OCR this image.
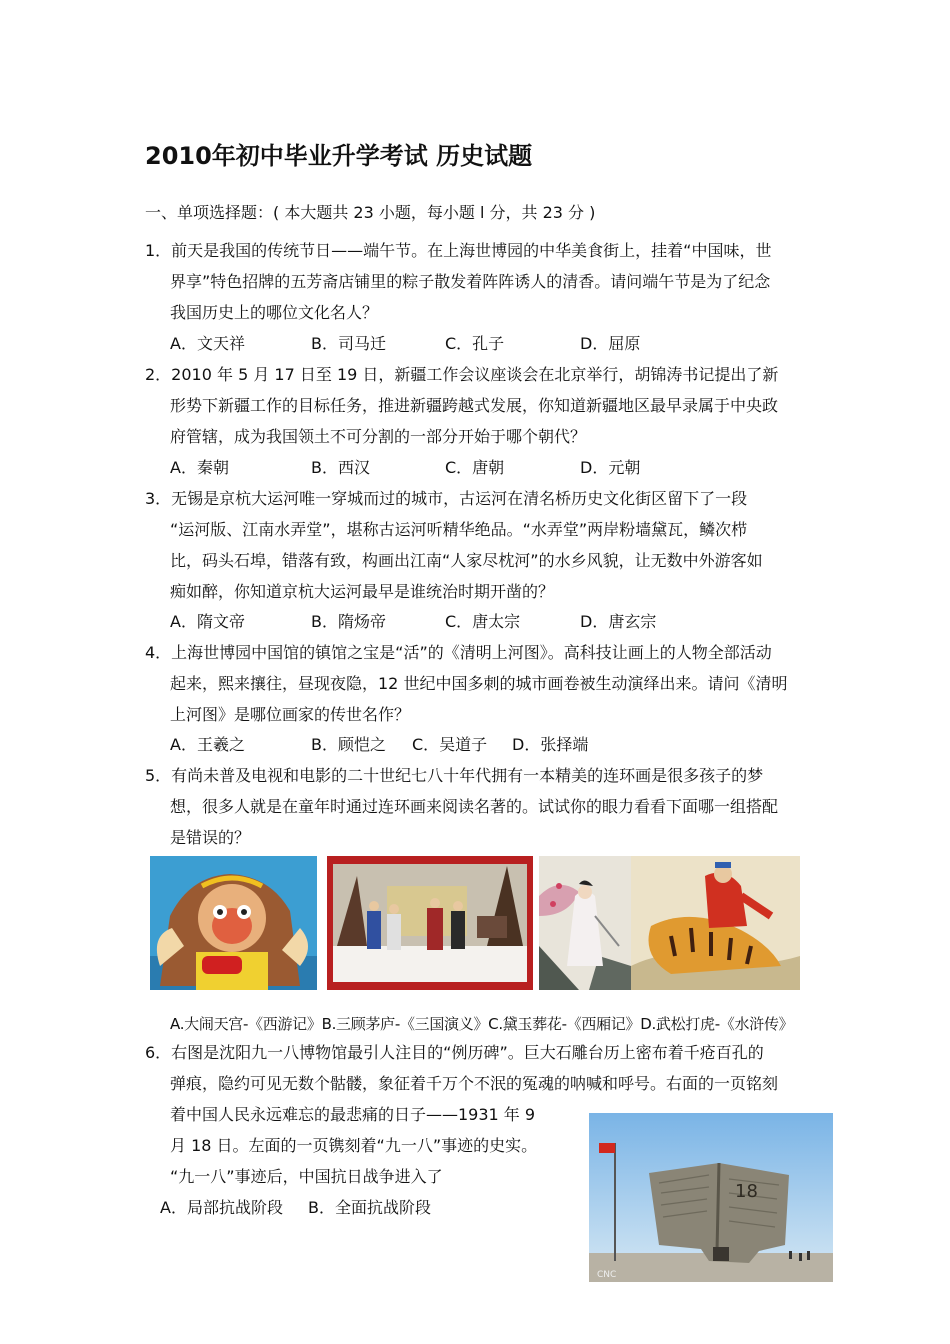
2010年初中毕业升学考试 历史试题
一、单项选择题：( 本大题共 23 小题，每小题 l 分，共 23 分 )
1．前天是我国的传统节日——端午节。在上海世博园的中华美食街上，挂着“中国味，世
界享”特色招牌的五芳斋店铺里的粽子散发着阵阵诱人的清香。请问端午节是为了纪念
我国历史上的哪位文化名人？
A．文天祥	B．司马迁	C．孔子	D．屈原
2．2010 年 5 月 17 日至 19 日，新疆工作会议座谈会在北京举行，胡锦涛书记提出了新
形势下新疆工作的目标任务，推进新疆跨越式发展，你知道新疆地区最早录属于中央政
府管辖，成为我国领土不可分割的一部分开始于哪个朝代？
A．秦朝	B．西汉	C．唐朝	D．元朝
3．无锡是京杭大运河唯一穿城而过的城市，古运河在清名桥历史文化街区留下了一段
“运河版、江南水弄堂”，堪称古运河听精华绝品。“水弄堂”两岸粉墙黛瓦，鳞次栉
比，码头石埠，错落有致，构画出江南“人家尽枕河”的水乡风貌，让无数中外游客如
痴如醉，你知道京杭大运河最早是谁统治时期开凿的？
A．隋文帝	B．隋炀帝	C．唐太宗	D．唐玄宗
4．上海世博园中国馆的镇馆之宝是“活”的《清明上河图》。高科技让画上的人物全部活动
起来，熙来攘往，昼现夜隐，12 世纪中国多刺的城市画卷被生动演绎出来。请问《清明
上河图》是哪位画家的传世名作？
A．王羲之	B．顾恺之 C．吴道子 D．张择端
5．有尚未普及电视和电影的二十世纪七八十年代拥有一本精美的连环画是很多孩子的梦
想，很多人就是在童年时通过连环画来阅读名著的。试试你的眼力看看下面哪一组搭配
是错误的？
A.大闹天宫-《西游记》B.三顾茅庐-《三国演义》C.黛玉葬花-《西厢记》D.武松打虎-《水浒传》
6．右图是沈阳九一八博物馆最引人注目的“例历碑”。巨大石雕台历上密布着千疮百孔的
弹痕，隐约可见无数个骷髅，象征着千万个不泯的冤魂的呐喊和呼号。右面的一页铭刻
着中国人民永远难忘的最悲痛的日子——1931 年 9
月 18 日。左面的一页镌刻着“九一八”事迹的史实。
“九一八”事迹后，中国抗日战争进入了
A．局部抗战阶段 B．全面抗战阶段
18
CNC
